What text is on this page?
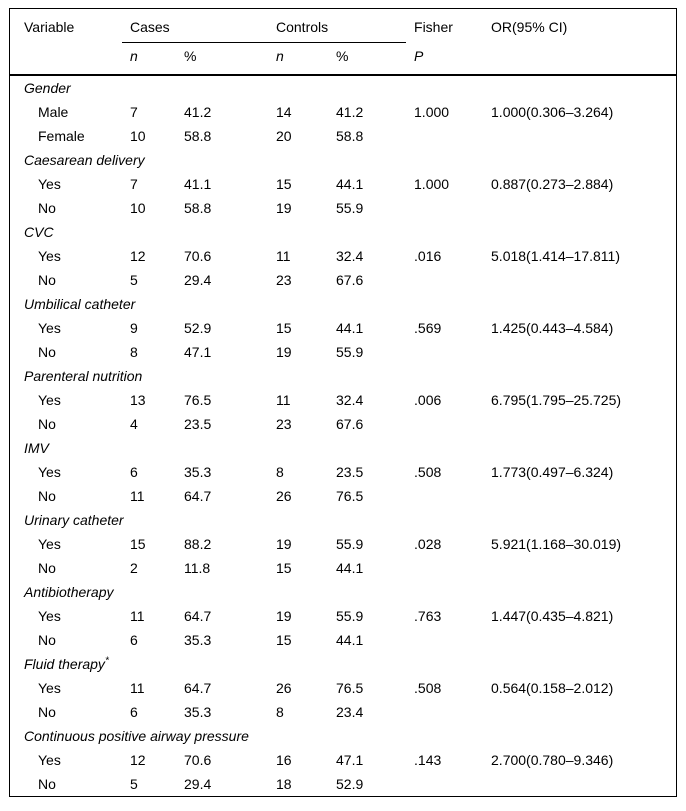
Variable	Cases		Controls		Fisher	OR(95% CI)
	n	%	n	%	P	
Gender						
Male	7	41.2	14	41.2	1.000	1.000(0.306–3.264)
Female	10	58.8	20	58.8		
Caesarean delivery						
Yes	7	41.1	15	44.1	1.000	0.887(0.273–2.884)
No	10	58.8	19	55.9		
CVC						
Yes	12	70.6	11	32.4	.016	5.018(1.414–17.811)
No	5	29.4	23	67.6		
Umbilical catheter						
Yes	9	52.9	15	44.1	.569	1.425(0.443–4.584)
No	8	47.1	19	55.9		
Parenteral nutrition						
Yes	13	76.5	11	32.4	.006	6.795(1.795–25.725)
No	4	23.5	23	67.6		
IMV						
Yes	6	35.3	8	23.5	.508	1.773(0.497–6.324)
No	11	64.7	26	76.5		
Urinary catheter						
Yes	15	88.2	19	55.9	.028	5.921(1.168–30.019)
No	2	11.8	15	44.1		
Antibiotherapy						
Yes	11	64.7	19	55.9	.763	1.447(0.435–4.821)
No	6	35.3	15	44.1		
Fluid therapy*
Yes	11	64.7	26	76.5	.508	0.564(0.158–2.012)
No	6	35.3	8	23.4		
Continuous positive airway pressure						
Yes	12	70.6	16	47.1	.143	2.700(0.780–9.346)
No	5	29.4	18	52.9		
